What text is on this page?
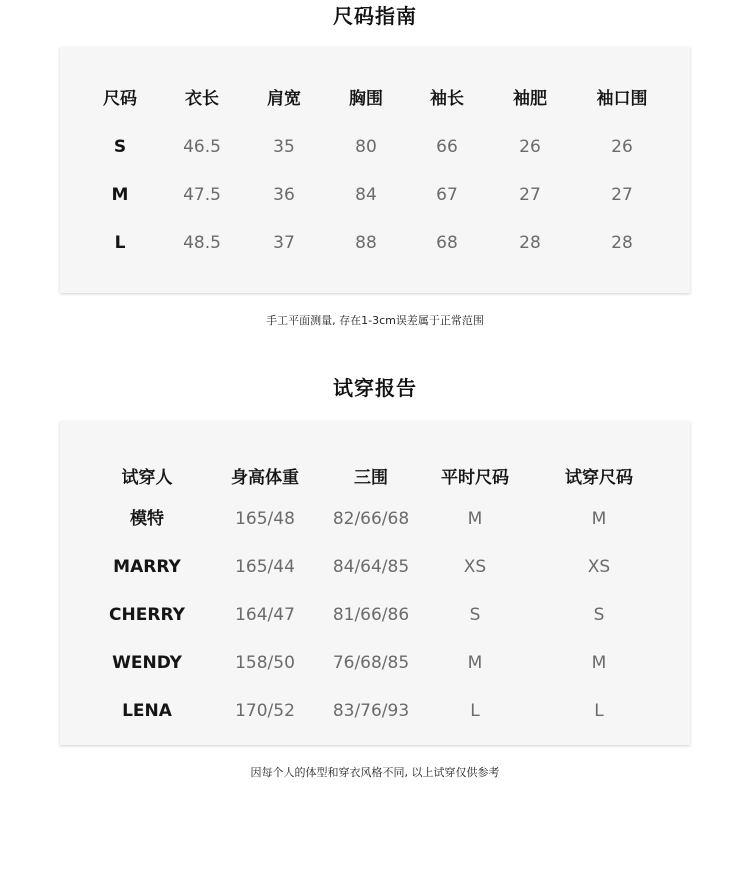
尺码指南
尺码	衣长	肩宽	胸围	袖长	袖肥	袖口围
S	46.5	35	80	66	26	26
M	47.5	36	84	67	27	27
L	48.5	37	88	68	28	28
手工平面测量, 存在1-3cm误差属于正常范围
试穿报告
试穿人	身高体重	三围	平时尺码	试穿尺码
模特	165/48	82/66/68	M	M
MARRY	165/44	84/64/85	XS	XS
CHERRY	164/47	81/66/86	S	S
WENDY	158/50	76/68/85	M	M
LENA	170/52	83/76/93	L	L
因每个人的体型和穿衣风格不同, 以上试穿仅供参考
